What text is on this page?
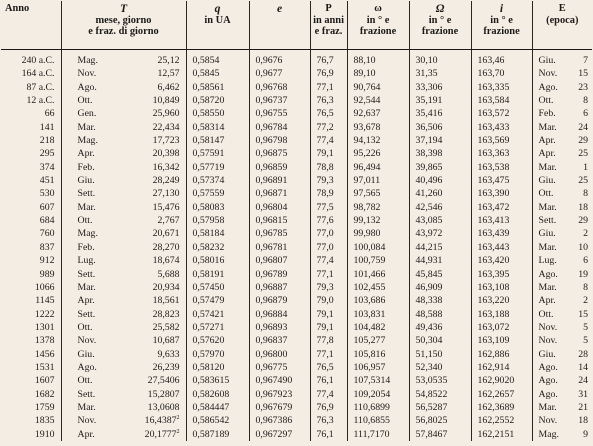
Anno	T
mese, giorno
e fraz. di giorno		q
in UA	e	P
in anni
e fraz.	ω
in ° e
frazione	Ω
in ° e
frazione	i
in ° e
frazione	E
(epoca)	

240 a.C.	Mag.	25,12	0,5854	0,9676	76,7	88,10	30,10	163,46	Giu.	7
164 a.C.	Nov.	12,57	0,5845	0,9677	76,9	89,10	31,35	163,70	Nov.	15
87 a.C.	Ago.	6,462	0,58561	0,96768	77,1	90,764	33,306	163,335	Ago.	23
12 a.C.	Ott.	10,849	0,58720	0,96737	76,3	92,544	35,191	163,584	Ott.	8
66	Gen.	25,960	0,58550	0,96755	76,5	92,637	35,416	163,572	Feb.	6
141	Mar.	22,434	0,58314	0,96784	77,2	93,678	36,506	163,433	Mar.	24
218	Mag.	17,723	0,58147	0,96798	77,4	94,132	37,194	163,569	Apr.	29
295	Apr.	20,398	0,57591	0,96875	79,1	95,226	38,398	163,363	Apr.	25
374	Feb.	16,342	0,57719	0,96859	78,8	96,494	39,865	163,538	Mar.	1
451	Giu.	28,249	0,57374	0,96891	79,3	97,011	40,496	163,475	Giu.	25
530	Sett.	27,130	0,57559	0,96871	78,9	97,565	41,260	163,390	Ott.	8
607	Mar.	15,476	0,58083	0,96804	77,5	98,782	42,546	163,472	Mar.	18
684	Ott.	2,767	0,57958	0,96815	77,6	99,132	43,085	163,413	Sett.	29
760	Mag.	20,671	0,58184	0,96785	77,0	99,980	43,972	163,439	Giu.	2
837	Feb.	28,270	0,58232	0,96781	77,0	100,084	44,215	163,443	Mar.	10
912	Lug.	18,674	0,58016	0,96807	77,4	100,759	44,931	163,420	Lug.	6
989	Sett.	5,688	0,58191	0,96789	77,1	101,466	45,845	163,395	Ago.	19
1066	Mar.	20,934	0,57450	0,96887	79,3	102,455	46,909	163,108	Mar.	8
1145	Apr.	18,561	0,57479	0,96879	79,0	103,686	48,338	163,220	Apr.	2
1222	Sett.	28,823	0,57421	0,96884	79,1	103,831	48,588	163,188	Ott.	15
1301	Ott.	25,582	0,57271	0,96893	79,1	104,482	49,436	163,072	Nov.	5
1378	Nov.	10,687	0,57620	0,96837	77,8	105,277	50,304	163,109	Nov.	5
1456	Giu.	9,633	0,57970	0,96800	77,1	105,816	51,150	162,886	Giu.	28
1531	Ago.	26,239	0,58120	0,96775	76,5	106,957	52,340	162,914	Ago.	14
1607	Ott.	27,5406	0,583615	0,967490	76,1	107,5314	53,0535	162,9020	Ago.	24
1682	Sett.	15,2807	0,582608	0,967923	77,4	109,2054	54,8522	162,2657	Ago.	31
1759	Mar.	13,0608	0,584447	0,967679	76,9	110,6899	56,5287	162,3689	Mar.	21
1835	Nov.	16,4387$^2$	0,586542	0,967386	76,3	110,6855	56,8025	162,2552	Nov.	18
1910	Apr.	20,1777$^2$	0,587189	0,967297	76,1	111,7170	57,8467	162,2151	Mag.	9
